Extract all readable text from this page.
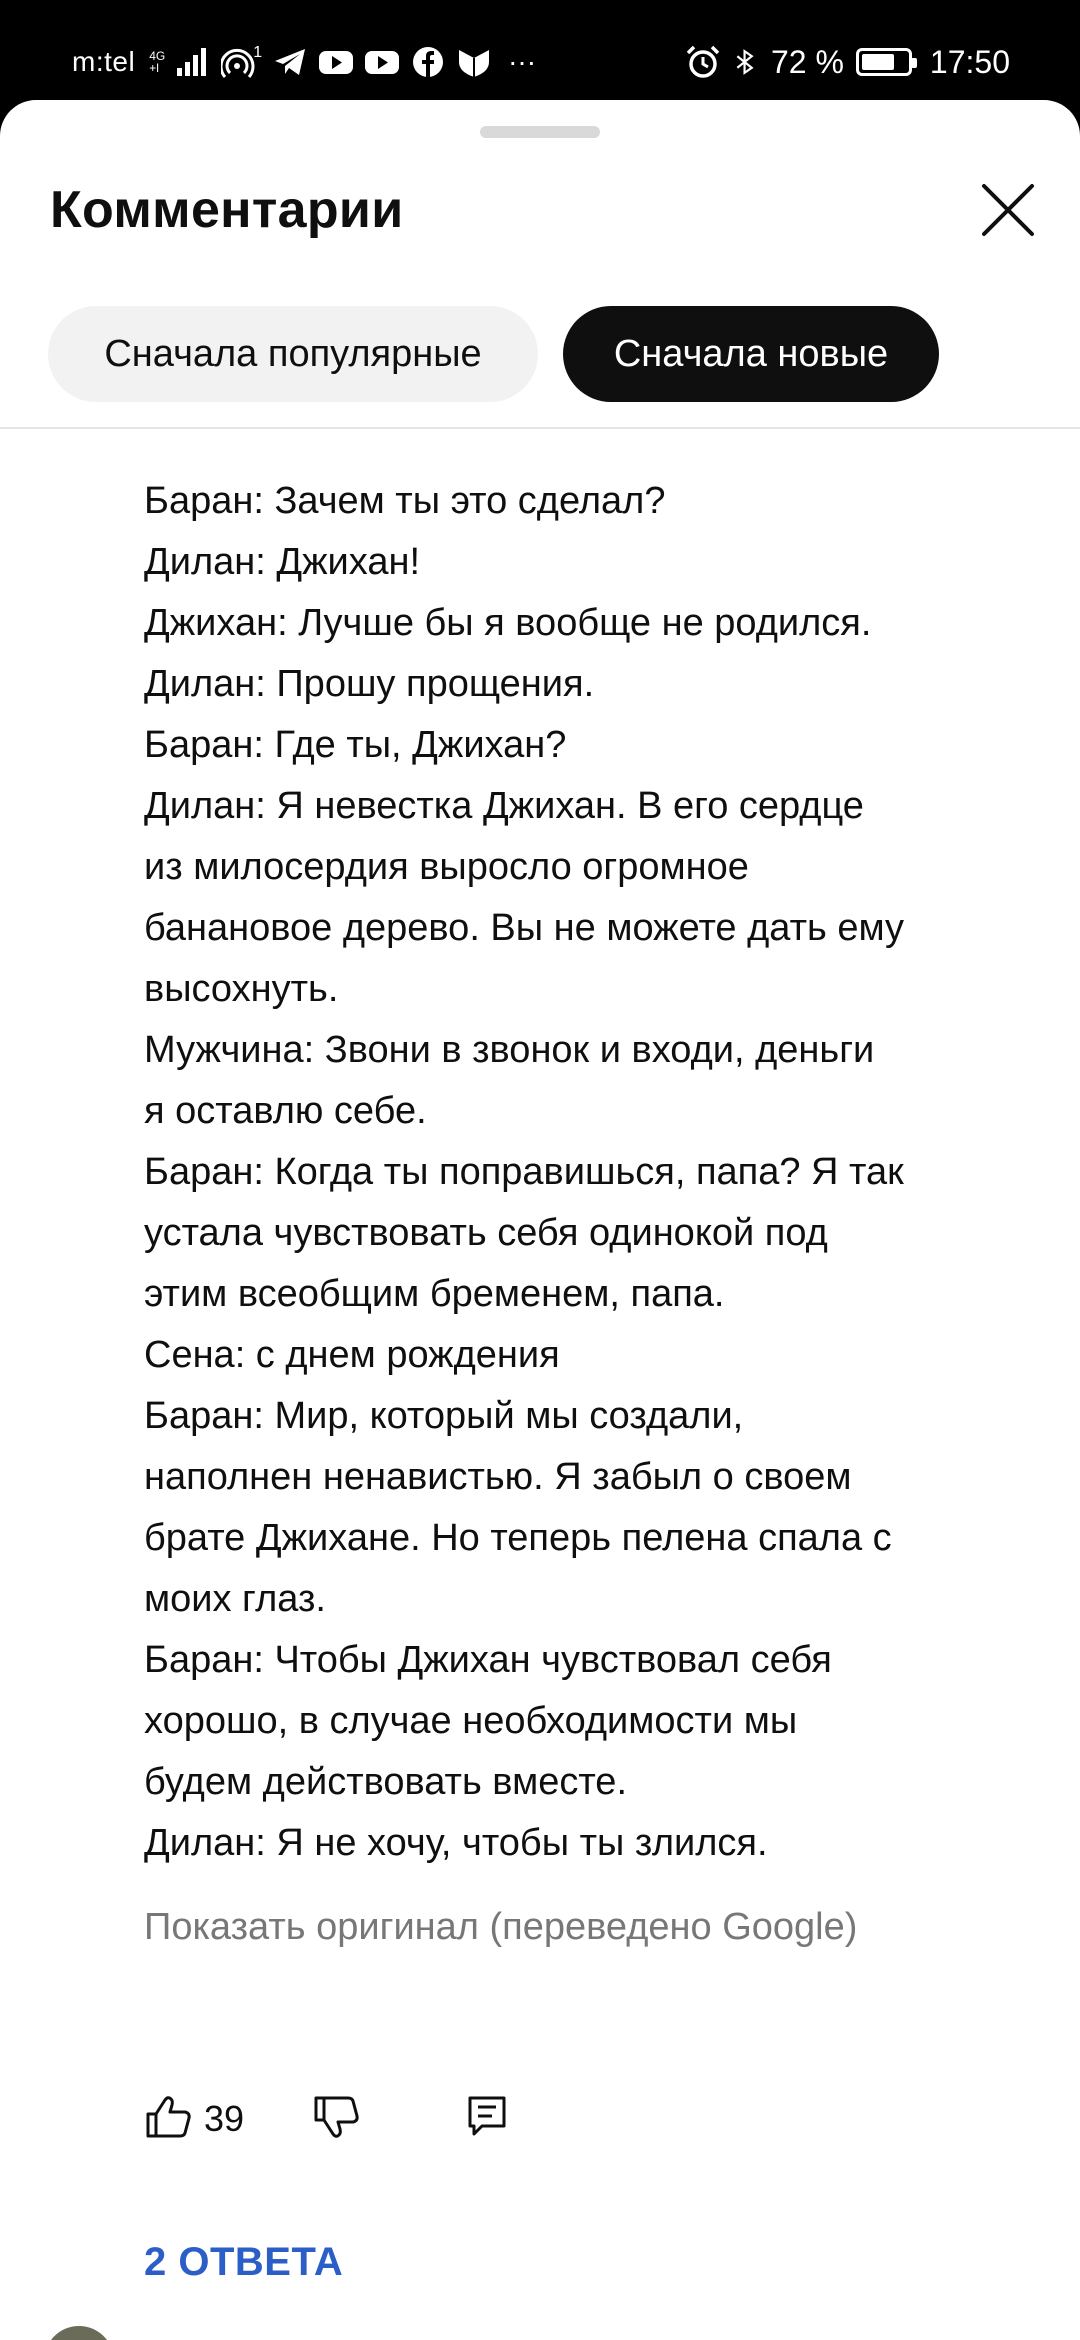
m:tel 4G
+l
1	···	72 %	17:50
Комментарии
Сначала популярные	Сначала новые
Баран: Зачем ты это сделал?
Дилан: Джихан!
Джихан: Лучше бы я вообще не родился.
Дилан: Прошу прощения.
Баран: Где ты, Джихан?
Дилан: Я невестка Джихан. В его сердце
из милосердия выросло огромное
банановое дерево. Вы не можете дать ему
высохнуть.
Мужчина: Звони в звонок и входи, деньги
я оставлю себе.
Баран: Когда ты поправишься, папа? Я так
устала чувствовать себя одинокой под
этим всеобщим бременем, папа.
Сена: с днем рождения
Баран: Мир, который мы создали,
наполнен ненавистью. Я забыл о своем
брате Джихане. Но теперь пелена спала с
моих глаз.
Баран: Чтобы Джихан чувствовал себя
хорошо, в случае необходимости мы
будем действовать вместе.
Дилан: Я не хочу, чтобы ты злился.
Показать оригинал (переведено Google)
39
2 ОТВЕТА
